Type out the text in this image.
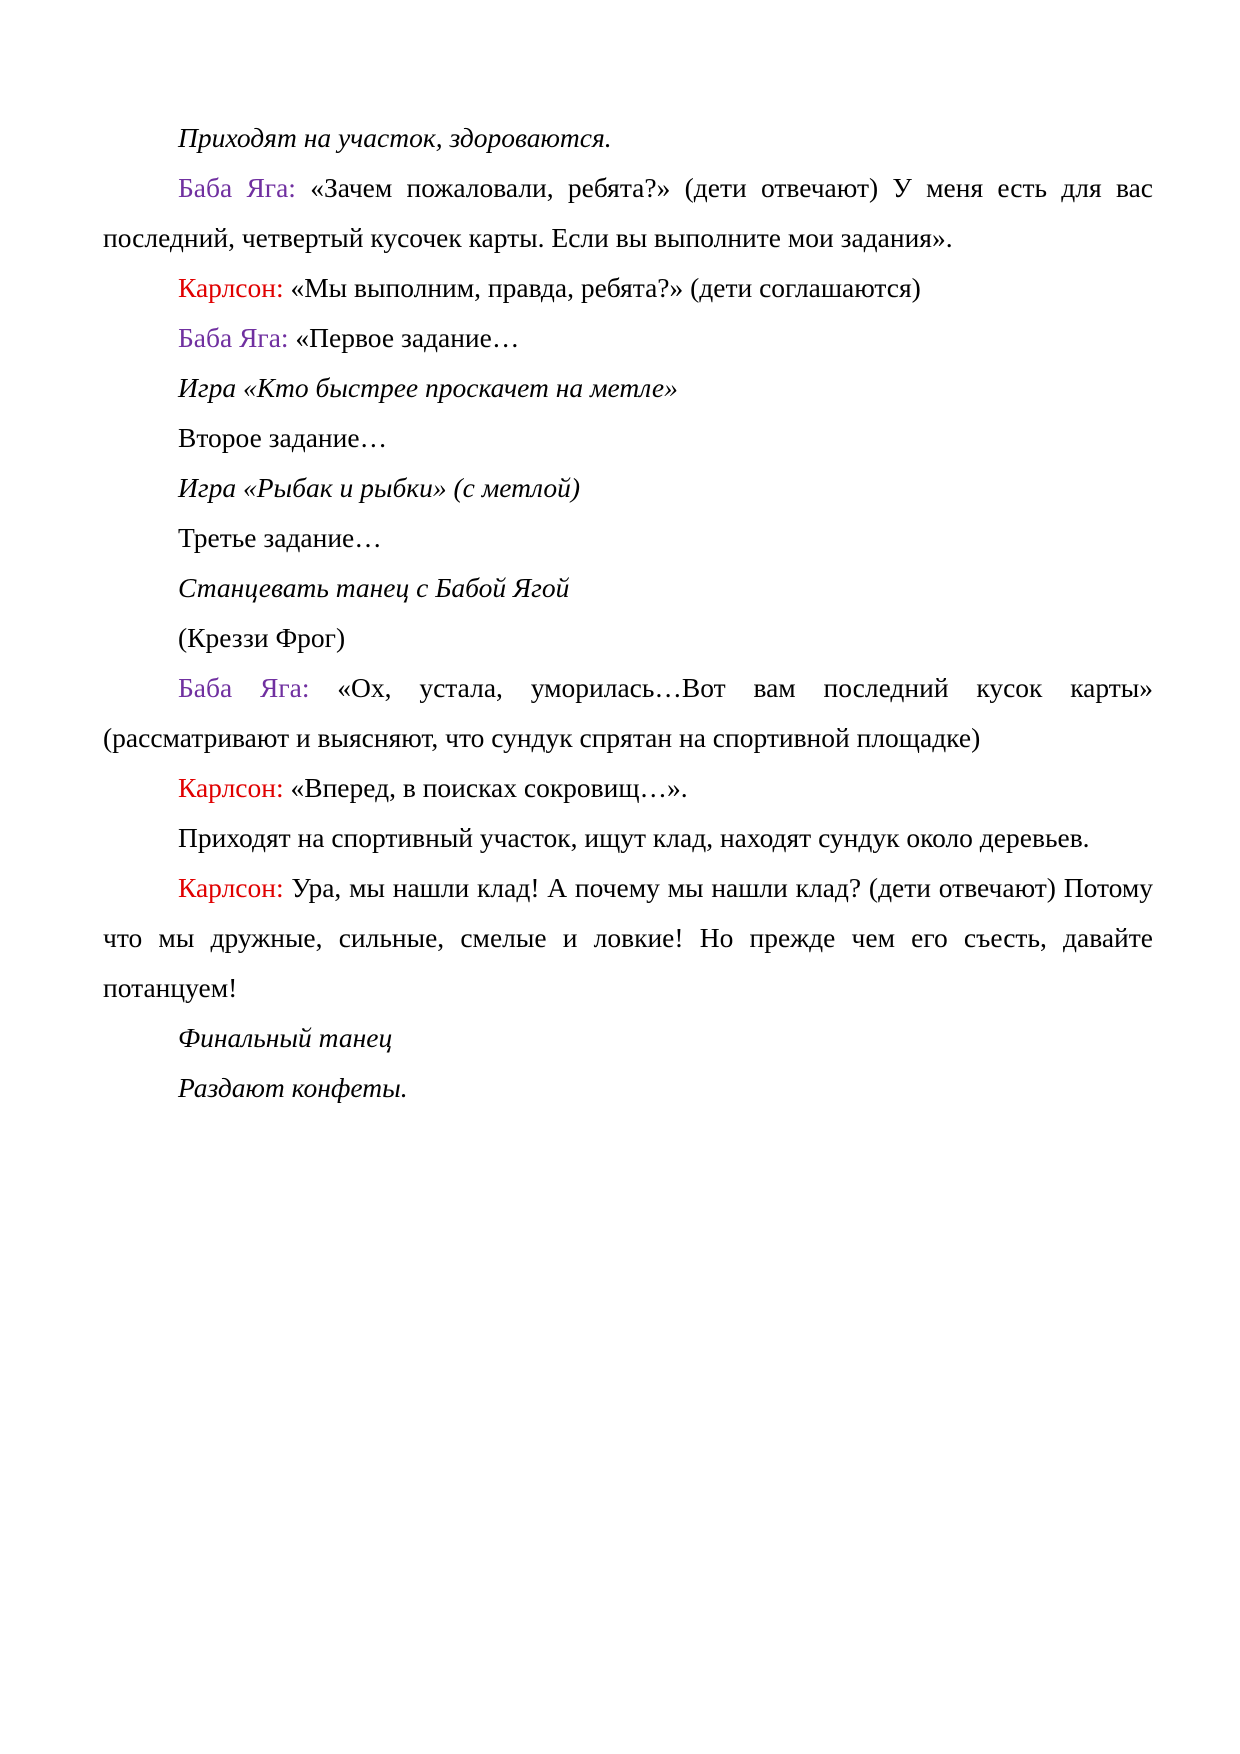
Приходят на участок, здороваются.

Баба Яга: «Зачем пожаловали, ребята?» (дети отвечают) У меня есть для вас последний, четвертый кусочек карты. Если вы выполните мои задания».

Карлсон: «Мы выполним, правда, ребята?» (дети соглашаются)

Баба Яга: «Первое задание…

Игра «Кто быстрее проскачет на метле»

Второе задание…

Игра «Рыбак и рыбки» (с метлой)

Третье задание…

Станцевать танец с Бабой Ягой

(Креззи Фрог)

Баба Яга: «Ох, устала, уморилась…Вот вам последний кусок карты» (рассматривают и выясняют, что сундук спрятан на спортивной площадке)

Карлсон: «Вперед, в поисках сокровищ…».

Приходят на спортивный участок, ищут клад, находят сундук около деревьев.

Карлсон: Ура, мы нашли клад! А почему мы нашли клад? (дети отвечают) Потому что мы дружные, сильные, смелые и ловкие! Но прежде чем его съесть, давайте потанцуем!

Финальный танец

Раздают конфеты.
